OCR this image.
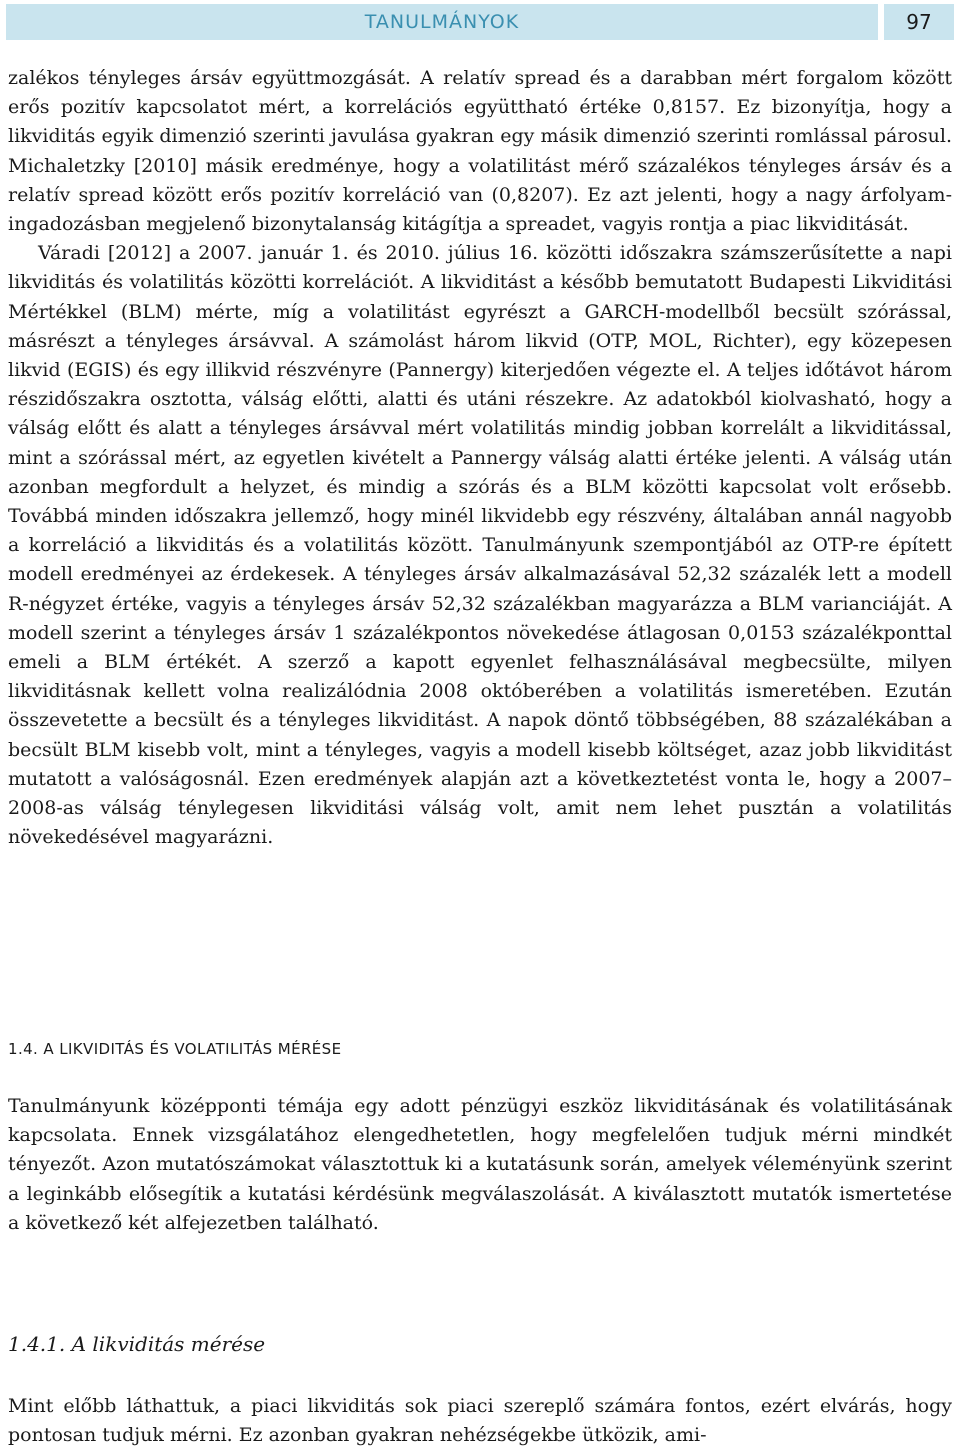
TANULMÁNYOK	97

zalékos tényleges ársáv együttmozgását. A relatív spread és a darabban mért forgalom között erős pozitív kapcsolatot mért, a korrelációs együttható értéke 0,8157. Ez bizonyítja, hogy a likviditás egyik dimenzió szerinti javulása gyakran egy másik dimenzió szerinti romlással párosul. Michaletzky [2010] másik eredménye, hogy a volatilitást mérő százalékos tényleges ársáv és a relatív spread között erős pozitív korreláció van (0,8207). Ez azt jelenti, hogy a nagy árfolyam-ingadozásban megjelenő bizonytalanság kitágítja a spreadet, vagyis rontja a piac likviditását.

Váradi [2012] a 2007. január 1. és 2010. július 16. közötti időszakra számszerűsítette a napi likviditás és volatilitás közötti korrelációt. A likviditást a később bemutatott Budapesti Likviditási Mértékkel (BLM) mérte, míg a volatilitást egyrészt a GARCH-modellből becsült szórással, másrészt a tényleges ársávval. A számolást három likvid (OTP, MOL, Richter), egy közepesen likvid (EGIS) és egy illikvid részvényre (Pannergy) kiterjedően végezte el. A teljes időtávot három részidőszakra osztotta, válság előtti, alatti és utáni részekre. Az adatokból kiolvasható, hogy a válság előtt és alatt a tényleges ársávval mért volatilitás mindig jobban korrelált a likviditással, mint a szórással mért, az egyetlen kivételt a Pannergy válság alatti értéke jelenti. A válság után azonban megfordult a helyzet, és mindig a szórás és a BLM közötti kapcsolat volt erősebb. Továbbá minden időszakra jellemző, hogy minél likvidebb egy részvény, általában annál nagyobb a korreláció a likviditás és a volatilitás között. Tanulmányunk szempontjából az OTP-re épített modell eredményei az érdekesek. A tényleges ársáv alkalmazásával 52,32 százalék lett a modell R-négyzet értéke, vagyis a tényleges ársáv 52,32 százalékban magyarázza a BLM varianciáját. A modell szerint a tényleges ársáv 1 százalékpontos növekedése átlagosan 0,0153 százalékponttal emeli a BLM értékét. A szerző a kapott egyenlet felhasználásával megbecsülte, milyen likviditásnak kellett volna realizálódnia 2008 októberében a volatilitás ismeretében. Ezután összevetette a becsült és a tényleges likviditást. A napok döntő többségében, 88 százalékában a becsült BLM kisebb volt, mint a tényleges, vagyis a modell kisebb költséget, azaz jobb likviditást mutatott a valóságosnál. Ezen eredmények alapján azt a következtetést vonta le, hogy a 2007–2008-as válság ténylegesen likviditási válság volt, amit nem lehet pusztán a volatilitás növekedésével magyarázni.

1.4. A LIKVIDITÁS ÉS VOLATILITÁS MÉRÉSE

Tanulmányunk középponti témája egy adott pénzügyi eszköz likviditásának és volatilitásának kapcsolata. Ennek vizsgálatához elengedhetetlen, hogy megfelelően tudjuk mérni mindkét tényezőt. Azon mutatószámokat választottuk ki a kutatásunk során, amelyek véleményünk szerint a leginkább elősegítik a kutatási kérdésünk megválaszolását. A kiválasztott mutatók ismertetése a következő két alfejezetben található.

1.4.1. A likviditás mérése

Mint előbb láthattuk, a piaci likviditás sok piaci szereplő számára fontos, ezért elvárás, hogy pontosan tudjuk mérni. Ez azonban gyakran nehézségekbe ütközik, ami-
